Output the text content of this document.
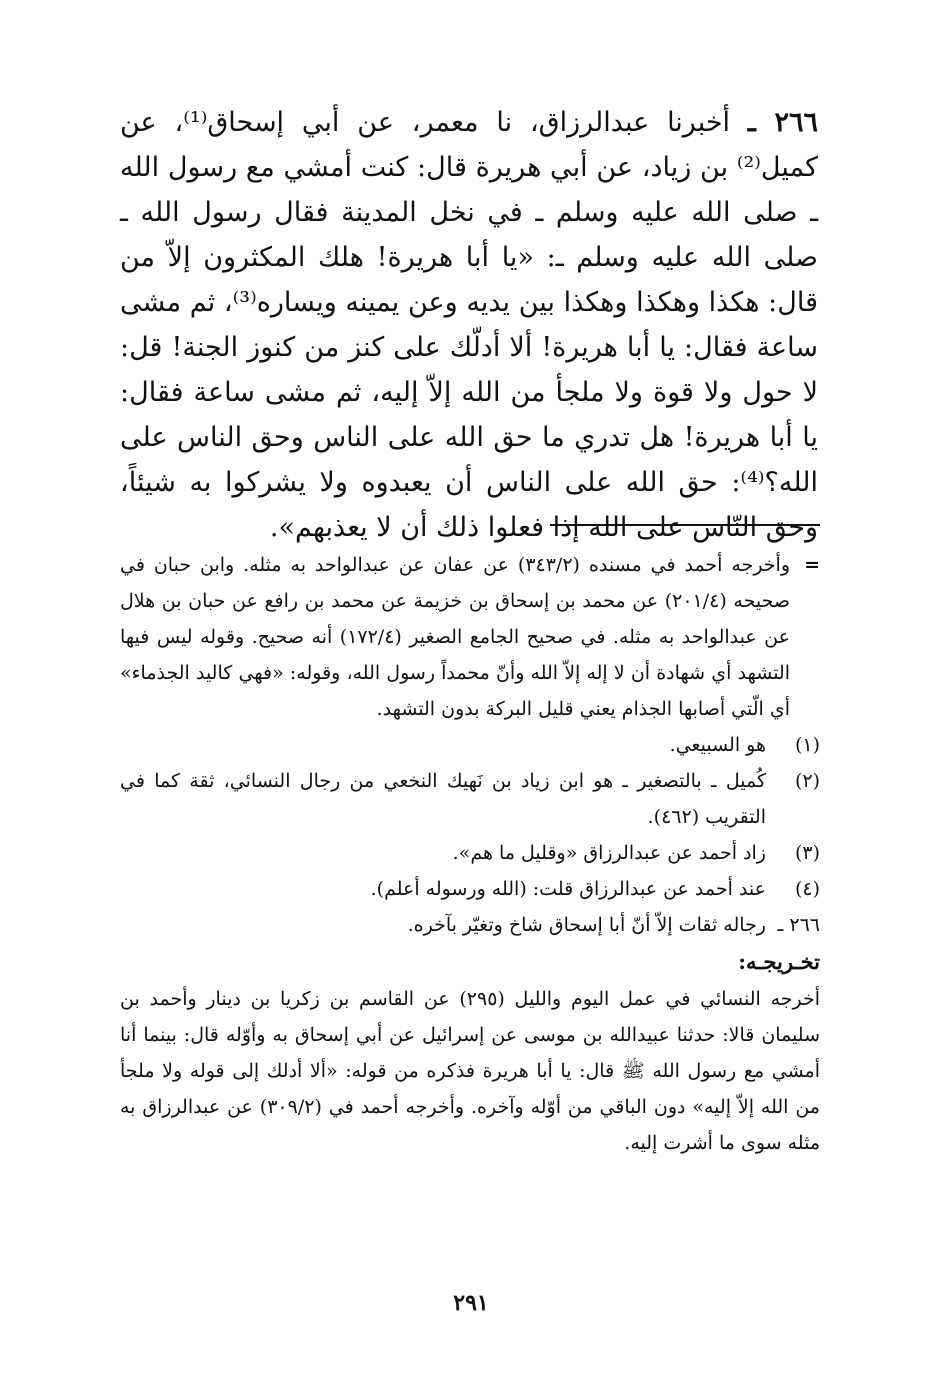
٢٦٦ ـ أخبرنا عبدالرزاق، نا معمر، عن أبي إسحاق⁽¹⁾، عن كميل⁽²⁾ بن زياد، عن أبي هريرة قال: كنت أمشي مع رسول الله ـ صلى الله عليه وسلم ـ في نخل المدينة فقال رسول الله ـ صلى الله عليه وسلم ـ: «يا أبا هريرة! هلك المكثرون إلاّ من قال: هكذا وهكذا وهكذا بين يديه وعن يمينه ويساره⁽³⁾، ثم مشى ساعة فقال: يا أبا هريرة! ألا أدلّك على كنز من كنوز الجنة! قل: لا حول ولا قوة ولا ملجأ من الله إلاّ إليه، ثم مشى ساعة فقال: يا أبا هريرة! هل تدري ما حق الله على الناس وحق الناس على الله؟⁽⁴⁾: حق الله على الناس أن يعبدوه ولا يشركوا به شيئاً، وحق النّاس على الله إذا فعلوا ذلك أن لا يعذبهم».

=

وأخرجه أحمد في مسنده (٣٤٣/٢) عن عفان عن عبدالواحد به مثله. وابن حبان في صحيحه (٢٠١/٤) عن محمد بن إسحاق بن خزيمة عن محمد بن رافع عن حبان بن هلال عن عبدالواحد به مثله. في صحيح الجامع الصغير (١٧٢/٤) أنه صحيح. وقوله ليس فيها التشهد أي شهادة أن لا إله إلاّ الله وأنّ محمداً رسول الله، وقوله: «فهي كاليد الجذماء» أي الّتي أصابها الجذام يعني قليل البركة بدون التشهد.

(١)

هو السبيعي.

(٢)

كُميل ـ بالتصغير ـ هو ابن زياد بن نَهيك النخعي من رجال النسائي، ثقة كما في التقريب (٤٦٢).

(٣)

زاد أحمد عن عبدالرزاق «وقليل ما هم».

(٤)

عند أحمد عن عبدالرزاق قلت: (الله ورسوله أعلم).

٢٦٦ ـ

رجاله ثقات إلاّ أنّ أبا إسحاق شاخ وتغيّر بآخره.

تخـريجـه:

أخرجه النسائي في عمل اليوم والليل (٢٩٥) عن القاسم بن زكريا بن دينار وأحمد بن سليمان قالا: حدثنا عبيدالله بن موسى عن إسرائيل عن أبي إسحاق به وأوّله قال: بينما أنا أمشي مع رسول الله ﷺ قال: يا أبا هريرة فذكره من قوله: «ألا أدلك إلى قوله ولا ملجأ من الله إلاّ إليه» دون الباقي من أوّله وآخره. وأخرجه أحمد في (٣٠٩/٢) عن عبدالرزاق به مثله سوى ما أشرت إليه.

٢٩١
